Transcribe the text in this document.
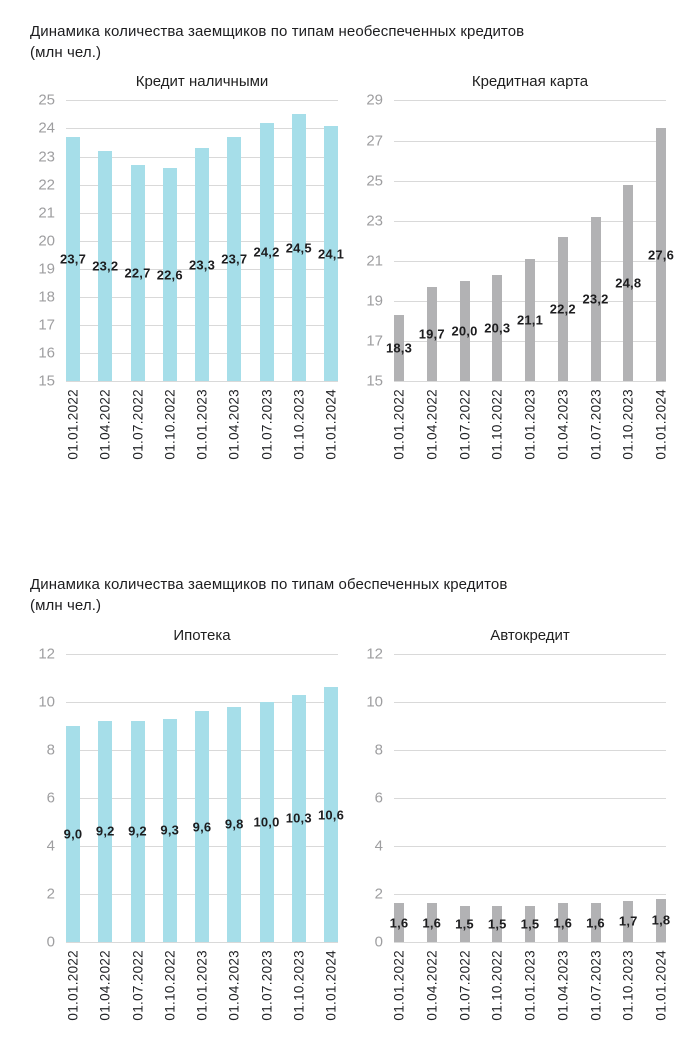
Динамика количества заемщиков по типам необеспеченных кредитов
(млн чел.)
Кредит наличными
15
16
17
18
19
20
21
22
23
24
25
23,7 23,2 22,7 22,6
23,3 23,7 24,2 24,5 24,1
01.01.2022 01.04.2022 01.07.2022 01.10.2022 01.01.2023 01.04.2023 01.07.2023 01.10.2023 01.01.2024
Кредитная карта
15
17
19
21
23
25
27
29
18,3
19,7 20,0 20,3
21,1
22,2
23,2
24,8
27,6
01.01.2022 01.04.2022 01.07.2022 01.10.2022 01.01.2023 01.04.2023 01.07.2023 01.10.2023 01.01.2024
Динамика количества заемщиков по типам обеспеченных кредитов
(млн чел.)
Ипотека
0
2
4
6
8
10
12
9,0 9,2 9,2 9,3 9,6 9,8 10,0 10,3 10,6
01.01.2022 01.04.2022 01.07.2022 01.10.2022 01.01.2023 01.04.2023 01.07.2023 01.10.2023 01.01.2024
Автокредит
0
2
4
6
8
10
12
1,6 1,6 1,5 1,5 1,5 1,6 1,6 1,7 1,8
01.01.2022 01.04.2022 01.07.2022 01.10.2022 01.01.2023 01.04.2023 01.07.2023 01.10.2023 01.01.2024
